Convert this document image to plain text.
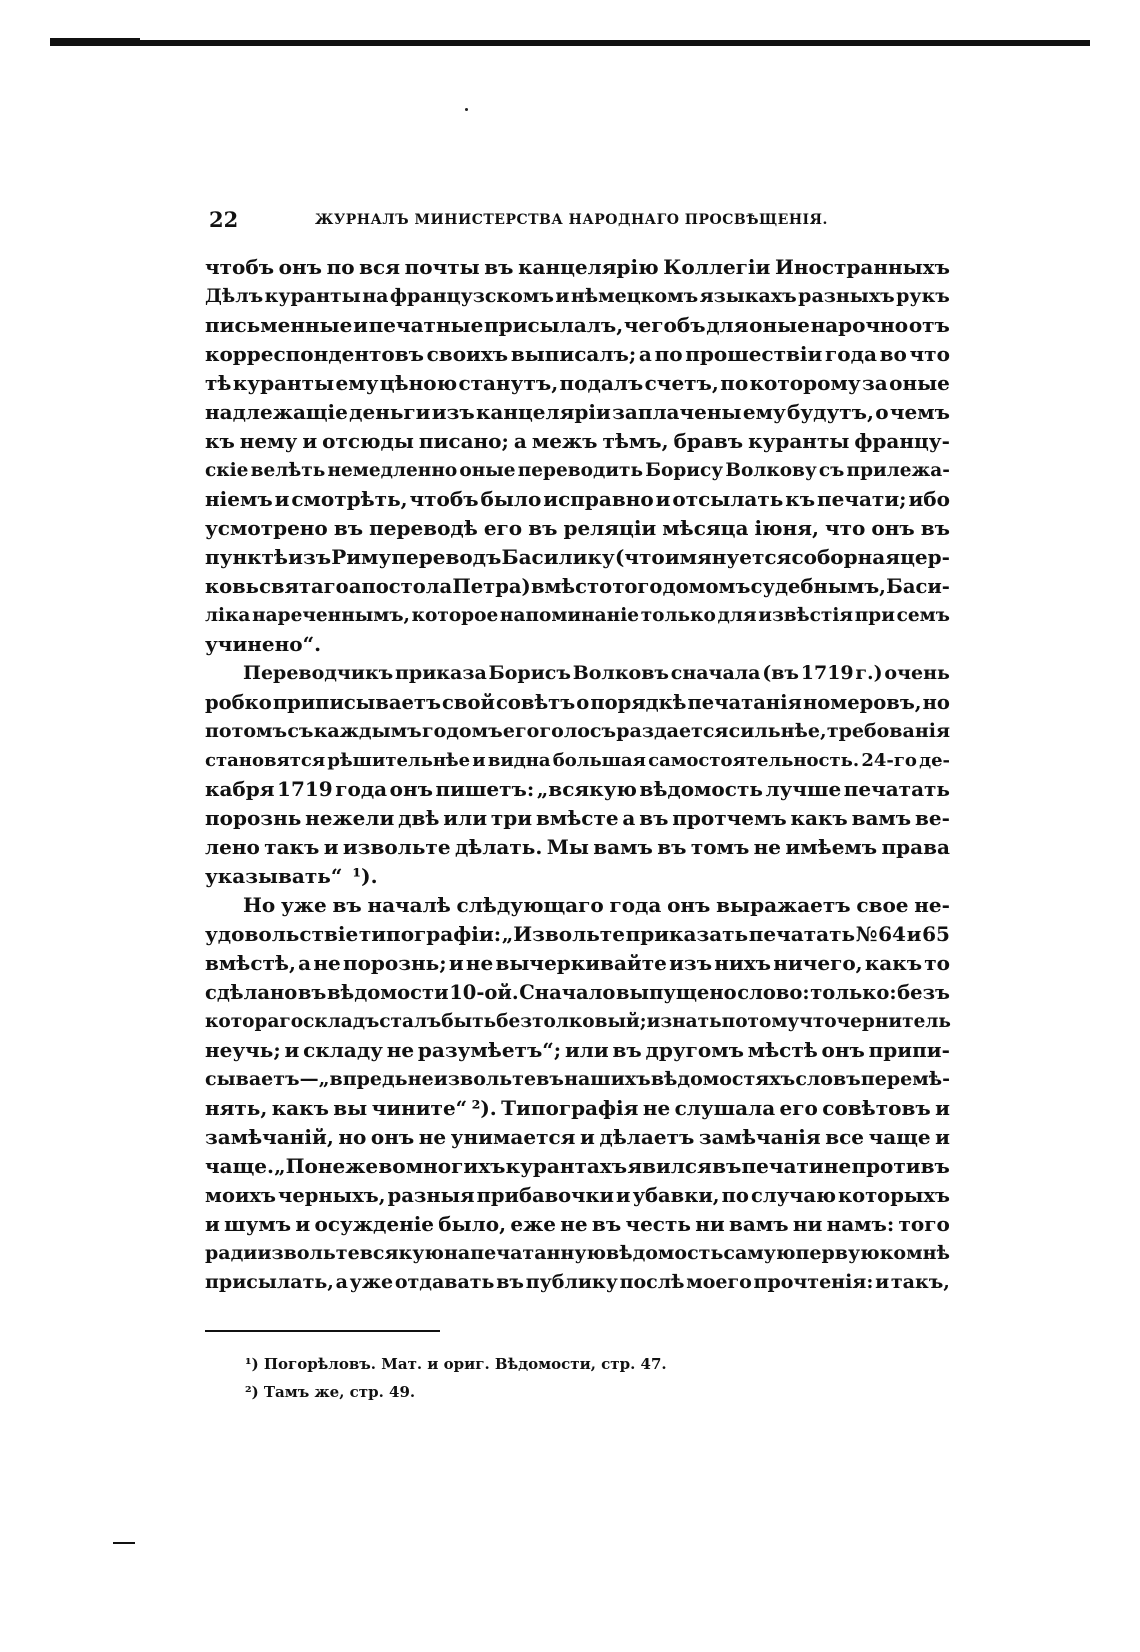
22	ЖУРНАЛЪ МИНИСТЕРСТВА НАРОДНАГО ПРОСВѢЩЕНІЯ.
чтобъ онъ по вся почты въ канцелярію Коллегіи Иностранныхъ
Дѣлъ куранты на французскомъ и нѣмецкомъ языкахъ разныхъ рукъ
письменные и печатные присылалъ, чегобъ для оные нарочно отъ
корреспондентовъ своихъ выписалъ; а по прошествіи года во что
тѣ куранты ему цѣною станутъ, подалъ счетъ, по которому за оные
надлежащіе деньги изъ канцеляріи заплачены ему будутъ, о чемъ
къ нему и отсюды писано; а межъ тѣмъ, бравъ куранты францу-
скіе велѣть немедленно оные переводить Борису Волкову съ прилежа-
ніемъ и смотрѣть, чтобъ было исправно и отсылать къ печати; ибо
усмотрено въ переводѣ его въ реляціи мѣсяца іюня, что онъ въ
пунктѣ изъ Риму переводъ Басилику (что имянуется соборная цер-
ковь святаго апостола Петра) вмѣсто того домомъ судебнымъ, Баси-
ліка нареченнымъ, которое напоминаніе только для извѣстія при семъ
учинено“.
Переводчикъ приказа Борисъ Волковъ сначала (въ 1719 г.) очень
робко приписываетъ свой совѣтъ о порядкѣ печатанія номеровъ, но
потомъ съ каждымъ годомъ его голосъ раздается сильнѣе, требованія
становятся рѣшительнѣе и видна большая самостоятельность. 24-го де-
кабря 1719 года онъ пишетъ: „всякую вѣдомость лучше печатать
порознь нежели двѣ или три вмѣсте а въ протчемъ какъ вамъ ве-
лено такъ и извольте дѣлать. Мы вамъ въ томъ не имѣемъ права
указывать“ ¹).
Но уже въ началѣ слѣдующаго года онъ выражаетъ свое не-
удовольствіе типографіи: „Извольте приказать печатать № 64 и 65
вмѣстѣ, а не порознь; и не вычеркивайте изъ нихъ ничего, какъ то
сдѣлано въ вѣдомости 10-ой. Сначало выпущено слово: только: безъ
котораго складъ сталъ быть безтолковый; и знать потому что чернитель
неучь; и складу не разумѣетъ“; или въ другомъ мѣстѣ онъ припи-
сываетъ—„впредь не извольте въ нашихъ вѣдомостяхъ словъ перемѣ-
нять, какъ вы чините“ ²). Типографія не слушала его совѣтовъ и
замѣчаній, но онъ не унимается и дѣлаетъ замѣчанія все чаще и
чаще. „Понеже во многихъ курантахъ явился въ печати не противъ
моихъ черныхъ, разныя прибавочки и убавки, по случаю которыхъ
и шумъ и осужденіе было, еже не въ честь ни вамъ ни намъ: того
ради извольте всякую напечатанную вѣдомость самую первую ко мнѣ
присылать, а уже отдавать въ публику послѣ моего прочтенія: и такъ,
¹) Погорѣловъ. Мат. и ориг. Вѣдомости, стр. 47.
²) Тамъ же, стр. 49.
